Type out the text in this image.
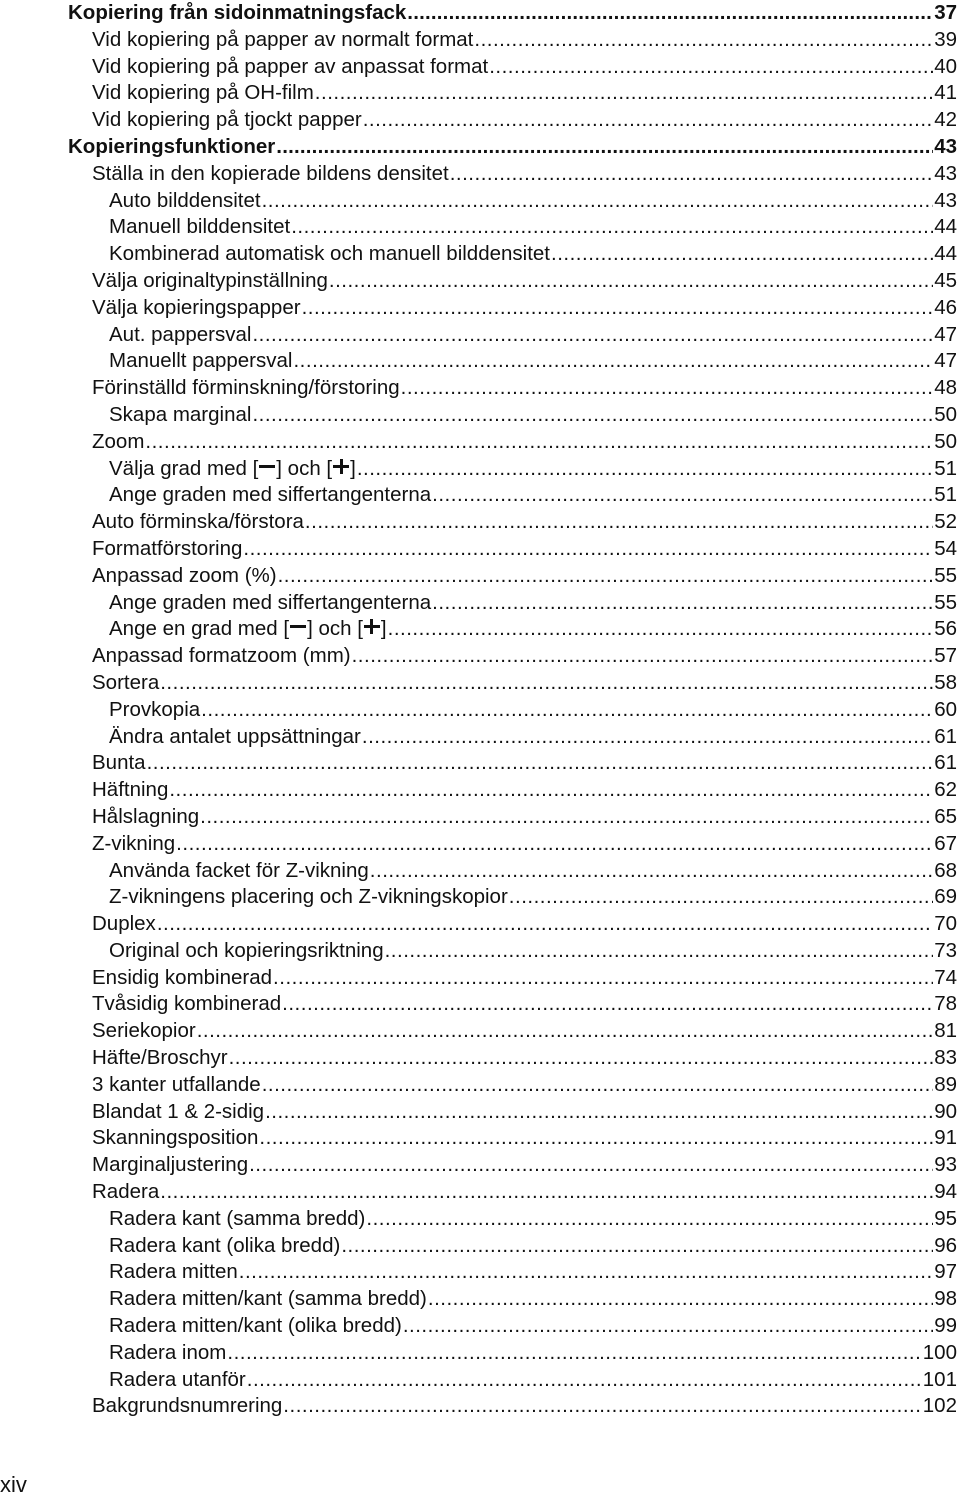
Kopiering från sidoinmatningsfack .....	37
Vid kopiering på papper av normalt format .....	39
Vid kopiering på papper av anpassat format .....	40
Vid kopiering på OH-film .....	41
Vid kopiering på tjockt papper .....	42
Kopieringsfunktioner .....	43
Ställa in den kopierade bildens densitet .....	43
Auto bilddensitet .....	43
Manuell bilddensitet .....	44
Kombinerad automatisk och manuell bilddensitet .....	44
Välja originaltypinställning .....	45
Välja kopieringspapper .....	46
Aut. pappersval .....	47
Manuellt pappersval .....	47
Förinställd förminskning/förstoring .....	48
Skapa marginal .....	50
Zoom .....	50
Välja grad med [ ] och [ ] .....	51
Ange graden med siffertangenterna .....	51
Auto förminska/förstora .....	52
Formatförstoring .....	54
Anpassad zoom (%) .....	55
Ange graden med siffertangenterna .....	55
Ange en grad med [ ] och [ ] .....	56
Anpassad formatzoom (mm) .....	57
Sortera .....	58
Provkopia .....	60
Ändra antalet uppsättningar .....	61
Bunta .....	61
Häftning .....	62
Hålslagning .....	65
Z-vikning .....	67
Använda facket för Z-vikning .....	68
Z-vikningens placering och Z-vikningskopior .....	69
Duplex .....	70
Original och kopieringsriktning .....	73
Ensidig kombinerad .....	74
Tvåsidig kombinerad .....	78
Seriekopior .....	81
Häfte/Broschyr .....	83
3 kanter utfallande .....	89
Blandat 1 & 2-sidig .....	90
Skanningsposition .....	91
Marginaljustering .....	93
Radera .....	94
Radera kant (samma bredd) .....	95
Radera kant (olika bredd) .....	96
Radera mitten .....	97
Radera mitten/kant (samma bredd) .....	98
Radera mitten/kant (olika bredd) .....	99
Radera inom .....	100
Radera utanför .....	101
Bakgrundsnumrering .....	102
xiv
